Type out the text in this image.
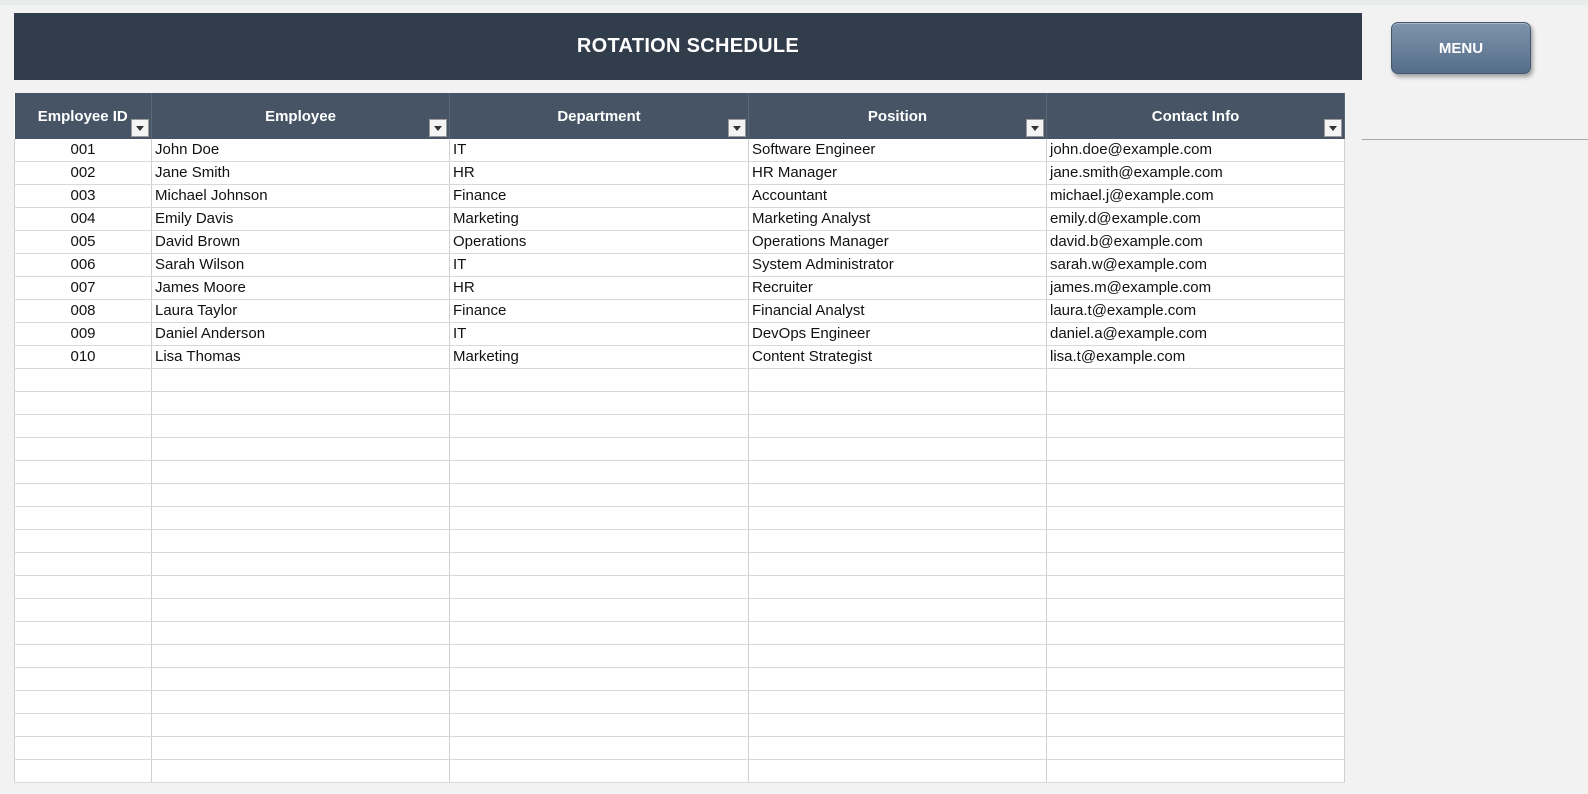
ROTATION SCHEDULE	MENU
Employee ID	Employee	Department	Position	Contact Info

001	John Doe	IT	Software Engineer	john.doe@example.com
002	Jane Smith	HR	HR Manager	jane.smith@example.com
003	Michael Johnson	Finance	Accountant	michael.j@example.com
004	Emily Davis	Marketing	Marketing Analyst	emily.d@example.com
005	David Brown	Operations	Operations Manager	david.b@example.com
006	Sarah Wilson	IT	System Administrator	sarah.w@example.com
007	James Moore	HR	Recruiter	james.m@example.com
008	Laura Taylor	Finance	Financial Analyst	laura.t@example.com
009	Daniel Anderson	IT	DevOps Engineer	daniel.a@example.com
010	Lisa Thomas	Marketing	Content Strategist	lisa.t@example.com
